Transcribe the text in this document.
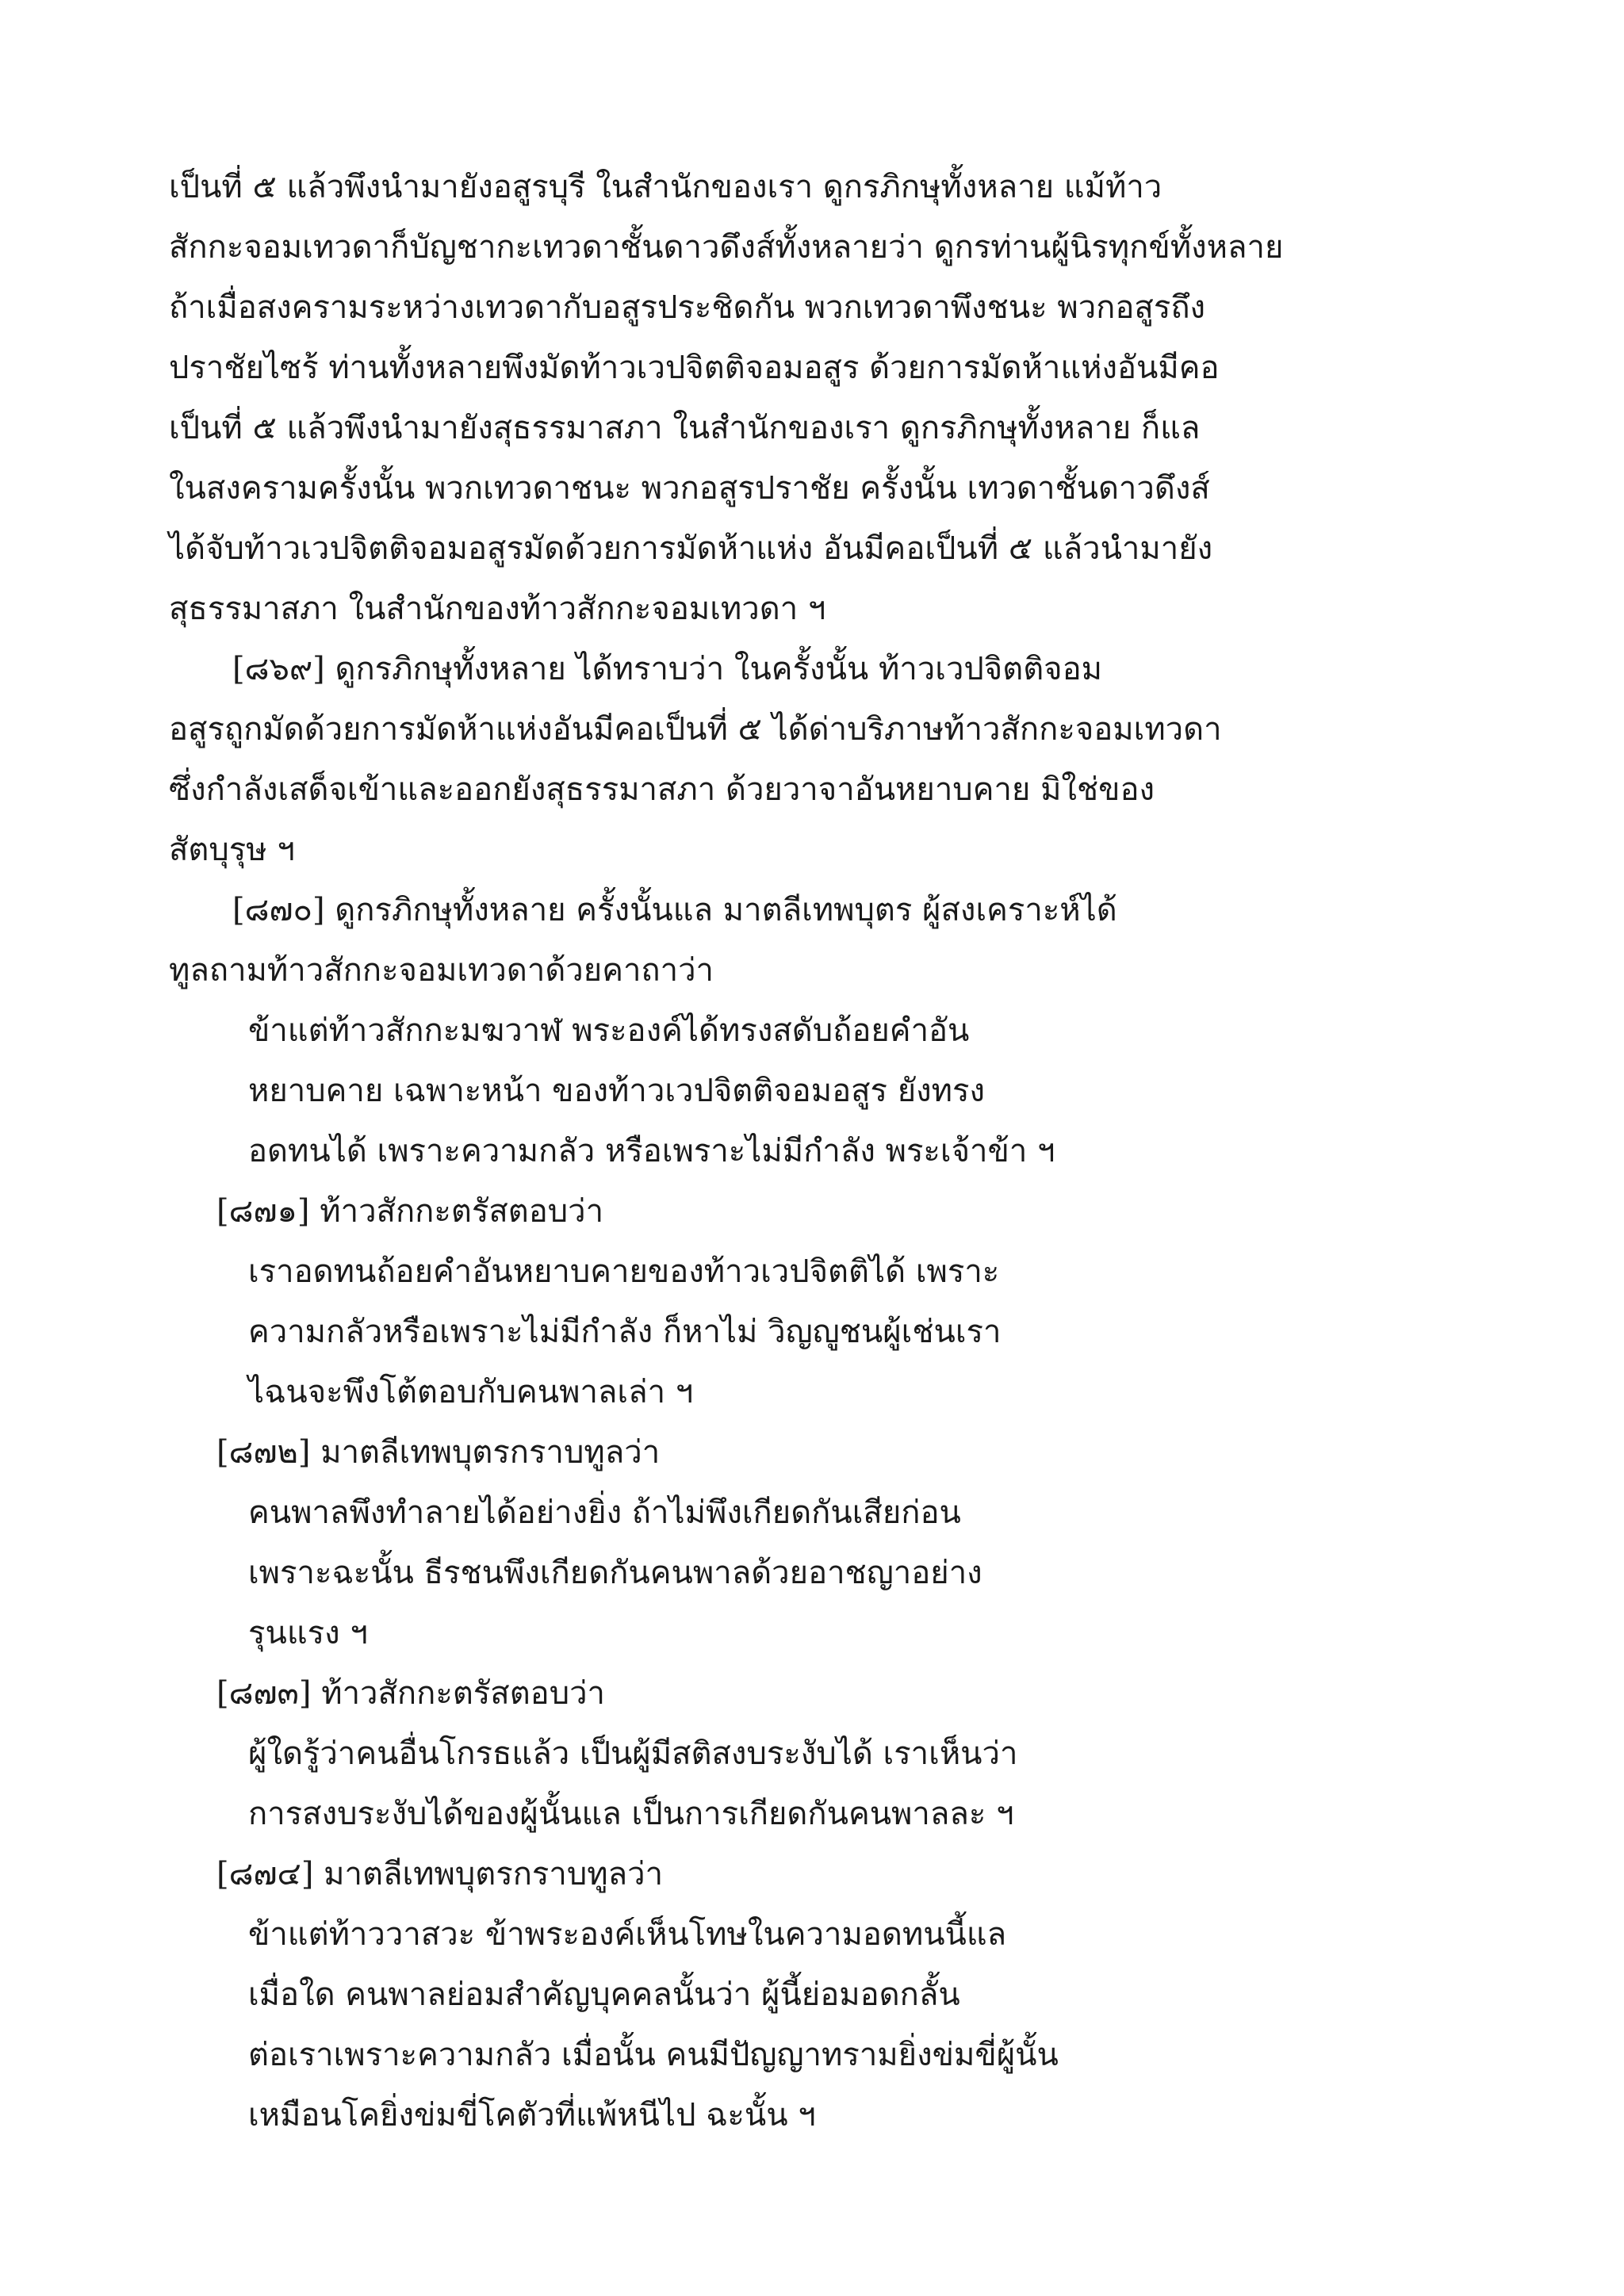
เป็นที่ ๕ แล้วพึงนำมายังอสูรบุรี ในสำนักของเรา ดูกรภิกษุทั้งหลาย แม้ท้าว

สักกะจอมเทวดาก็บัญชากะเทวดาชั้นดาวดึงส์ทั้งหลายว่า ดูกรท่านผู้นิรทุกข์ทั้งหลาย

ถ้าเมื่อสงครามระหว่างเทวดากับอสูรประชิดกัน พวกเทวดาพึงชนะ พวกอสูรถึง

ปราชัยไซร้ ท่านทั้งหลายพึงมัดท้าวเวปจิตติจอมอสูร ด้วยการมัดห้าแห่งอันมีคอ

เป็นที่ ๕ แล้วพึงนำมายังสุธรรมาสภา ในสำนักของเรา ดูกรภิกษุทั้งหลาย ก็แล

ในสงครามครั้งนั้น พวกเทวดาชนะ พวกอสูรปราชัย ครั้งนั้น เทวดาชั้นดาวดึงส์

ได้จับท้าวเวปจิตติจอมอสูรมัดด้วยการมัดห้าแห่ง อันมีคอเป็นที่ ๕ แล้วนำมายัง

สุธรรมาสภา ในสำนักของท้าวสักกะจอมเทวดา ฯ

[๘๖๙] ดูกรภิกษุทั้งหลาย ได้ทราบว่า ในครั้งนั้น ท้าวเวปจิตติจอม

อสูรถูกมัดด้วยการมัดห้าแห่งอันมีคอเป็นที่ ๕ ได้ด่าบริภาษท้าวสักกะจอมเทวดา

ซึ่งกำลังเสด็จเข้าและออกยังสุธรรมาสภา ด้วยวาจาอันหยาบคาย มิใช่ของ

สัตบุรุษ ฯ

[๘๗๐] ดูกรภิกษุทั้งหลาย ครั้งนั้นแล มาตลีเทพบุตร ผู้สงเคราะห์ได้

ทูลถามท้าวสักกะจอมเทวดาด้วยคาถาว่า

ข้าแต่ท้าวสักกะมฆวาฬ พระองค์ได้ทรงสดับถ้อยคำอัน

หยาบคาย เฉพาะหน้า ของท้าวเวปจิตติจอมอสูร ยังทรง

อดทนได้ เพราะความกลัว หรือเพราะไม่มีกำลัง พระเจ้าข้า ฯ

[๘๗๑] ท้าวสักกะตรัสตอบว่า

เราอดทนถ้อยคำอันหยาบคายของท้าวเวปจิตติได้ เพราะ

ความกลัวหรือเพราะไม่มีกำลัง ก็หาไม่ วิญญูชนผู้เช่นเรา

ไฉนจะพึงโต้ตอบกับคนพาลเล่า ฯ

[๘๗๒] มาตลีเทพบุตรกราบทูลว่า

คนพาลพึงทำลายได้อย่างยิ่ง ถ้าไม่พึงเกียดกันเสียก่อน

เพราะฉะนั้น ธีรชนพึงเกียดกันคนพาลด้วยอาชญาอย่าง

รุนแรง ฯ

[๘๗๓] ท้าวสักกะตรัสตอบว่า

ผู้ใดรู้ว่าคนอื่นโกรธแล้ว เป็นผู้มีสติสงบระงับได้ เราเห็นว่า

การสงบระงับได้ของผู้นั้นแล เป็นการเกียดกันคนพาลละ ฯ

[๘๗๔] มาตลีเทพบุตรกราบทูลว่า

ข้าแต่ท้าววาสวะ ข้าพระองค์เห็นโทษในความอดทนนี้แล

เมื่อใด คนพาลย่อมสำคัญบุคคลนั้นว่า ผู้นี้ย่อมอดกลั้น

ต่อเราเพราะความกลัว เมื่อนั้น คนมีปัญญาทรามยิ่งข่มขี่ผู้นั้น

เหมือนโคยิ่งข่มขี่โคตัวที่แพ้หนีไป ฉะนั้น ฯ
